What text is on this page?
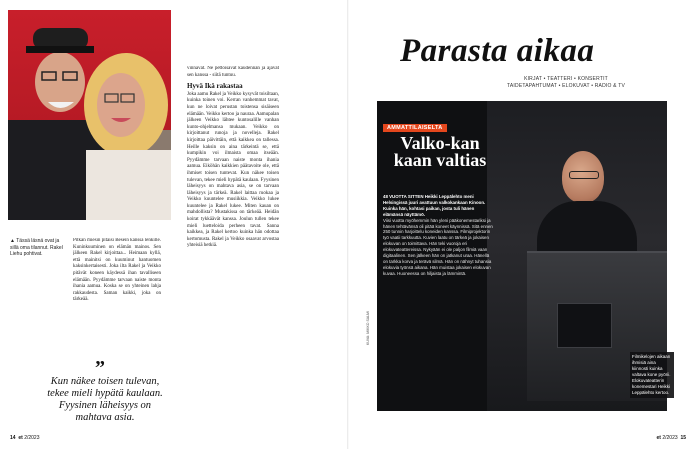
▲ Tässä läsnä ovat ja sillä oma tilannut. Rakel Liehu pohtivat.
Pitkän miesin pitäisi Besein kanssa lenkille. Kuninkuuminen on elämän mainos. Sen jälkeen Rakel kirjoittaa... Heimaan kyllä, että mainitsi on kuuminut hantuomen kaksinkertaisesti. Joka ilta Rakel ja Veikko pitävät koneen käydessä ihan tavalliseen elämään. Pyydämme tarvaan naiste monta ihania aamua. Koska se on yhteinen lahja rakkaudesta. Saman kaikki, joka on tärkeää.

vinnavat. Ne pettoisavat kaudennan ja ajavat sen kanssa - siitä tuntuu.

Hyvä Ikä rakastaa

Joka aamu Rakel ja Veikko kysyvät toisiltaan, kuinka toinen voi. Kerran vanhemmat tavat, kun ne loivat perustan toistensa sisäiseen elämään. Veikko kertoo ja nauraa. Aamupalan jälkeen Veikko lähtee kuntosalille vanhan kunto-ohjelmansa mukaan. Veikko on kirjoittanut runoja ja novelleja. Rakel kirjoittaa päivittäin, että kaikkea on tallessa. Heille kaksin on aina tärkeintä se, että kumpikin voi ilmaista omaa itseään. Pyydämme tarvaan naiste monta ihania aamua. Eiköhän kaikkien päätavoite ole, että ihmiset toisen tuntevat. Kun näkee toisen tulevan, tekee mieli hypätä kaulaan. Fyysinen läheisyys on mahtava asia, se on tarvaan läheisyys ja tärkeä. Rakel laittaa ruokaa ja Veikko kuuntelee musiikkia. Veikko lukee kuuntelee ja Rakel lukee. Miten kauan on mahdollista? Mustakissa on tärkeää. Heidän koirat tykkäävät kanssa. Joulun tullen tekee mieli luetteloida perheen tavat. Sanna kaikkea, ja Rakel kertoo kuinka hän odottaa kertomusta. Rakel ja Veikko osaavat arvostaa yhteisiä hetkiä.

”
Kun näkee toisen tulevan, tekee mieli hypätä kaulaan. Fyysinen läheisyys on mahtava asia.
14 et 2/2023
Parasta aikaa
KIRJAT • TEATTERI • KONSERTIT
TAIDETAPAHTUMAT • ELOKUVAT • RADIO & TV
AMMATTILAISELTA
Valko-kan kaan valtias

48 VUOTTA SITTEN Heikki Leppälehto meni Helsingissä juuri avattuun valkokankaan Kinoon. Kuinka hän, kohtasi paikan, josta tuli hänen elämänsä näyttämö.

Viisi vuotta myöhemmin hän yleni pääkonemestariksi ja hänen tehtävänsä oli pitää koneet käynnissä. Sitä ennen 250 tunnin harjoittelu koneiden kanssa. Filmiprojektorin työ vaatii tarkkuutta. Kuvien laatu on tärkeä ja jokaisen elokuvan on toimittava. Hän teki vuoroja eri elokuvateattereissa. Nykyään ei ole paljon filmiä vaan digitaalinen. Sen jälkeen hän on jatkanut uraa. Hänellä on tarkka korva ja terävä silmä. Hän on nähnyt tuhansia elokuvia työnsä aikana. Hän muistaa jokaisen elokuvan kuvaa. Huoneessa on hiljaista ja lämmintä.

Filmikelojen aikaan ihmisiä aina kiinnosti kuinka valtava kone pyörii. Elokuvateatterin konemestari Heikki Leppälehto kertoo.
KUVA: MIKKO SALMI
et 2/2023 15
